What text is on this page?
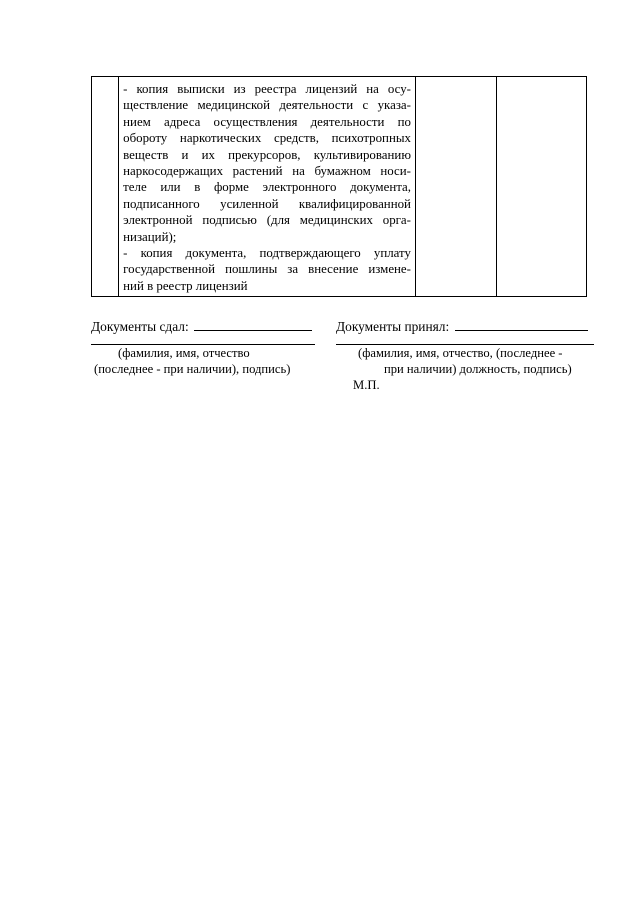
- копия выписки из реестра лицензий на осу-

ществление медицинской деятельности с указа-

нием адреса осуществления деятельности по

обороту наркотических средств, психотропных

веществ и их прекурсоров, культивированию

наркосодержащих растений на бумажном носи-

теле или в форме электронного документа,

подписанного усиленной квалифицированной

электронной подписью (для медицинских орга-

низаций);

- копия документа, подтверждающего уплату

государственной пошлины за внесение измене-

ний в реестр лицензий

Документы сдал:
(фамилия, имя, отчество
(последнее - при наличии), подпись)
Документы принял:
(фамилия, имя, отчество, (последнее -
при наличии) должность, подпись)
М.П.
